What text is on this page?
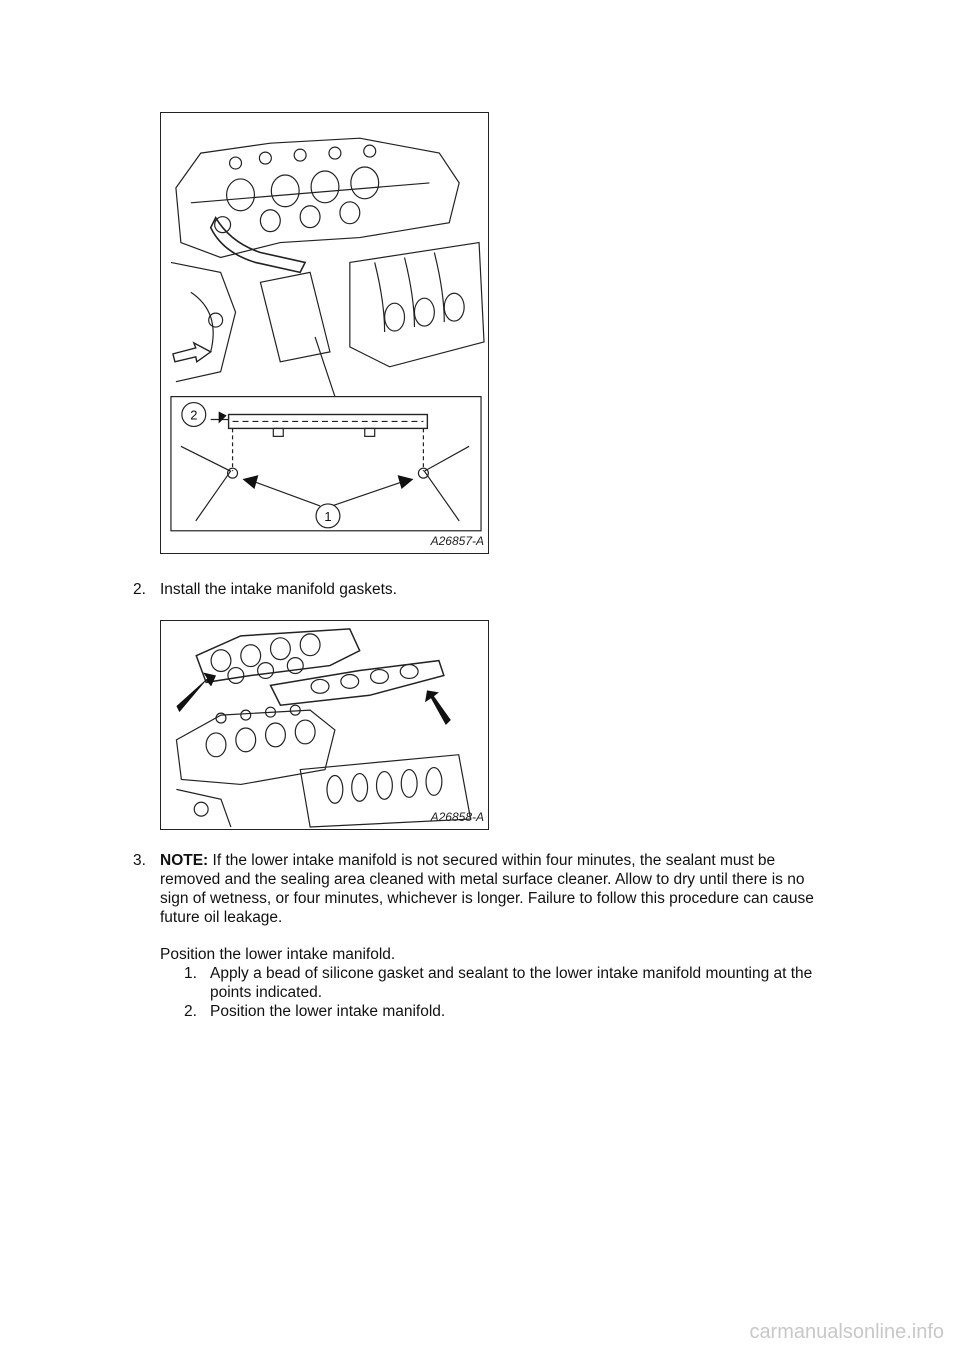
2
1
A26857-A
2. Install the intake manifold gaskets.
A26858-A
3. NOTE: If the lower intake manifold is not secured within four minutes, the sealant must be
removed and the sealing area cleaned with metal surface cleaner. Allow to dry until there is no
sign of wetness, or four minutes, whichever is longer. Failure to follow this procedure can cause
future oil leakage.
Position the lower intake manifold.
1. Apply a bead of silicone gasket and sealant to the lower intake manifold mounting at the
points indicated.
2. Position the lower intake manifold.
carmanualsonline.info
